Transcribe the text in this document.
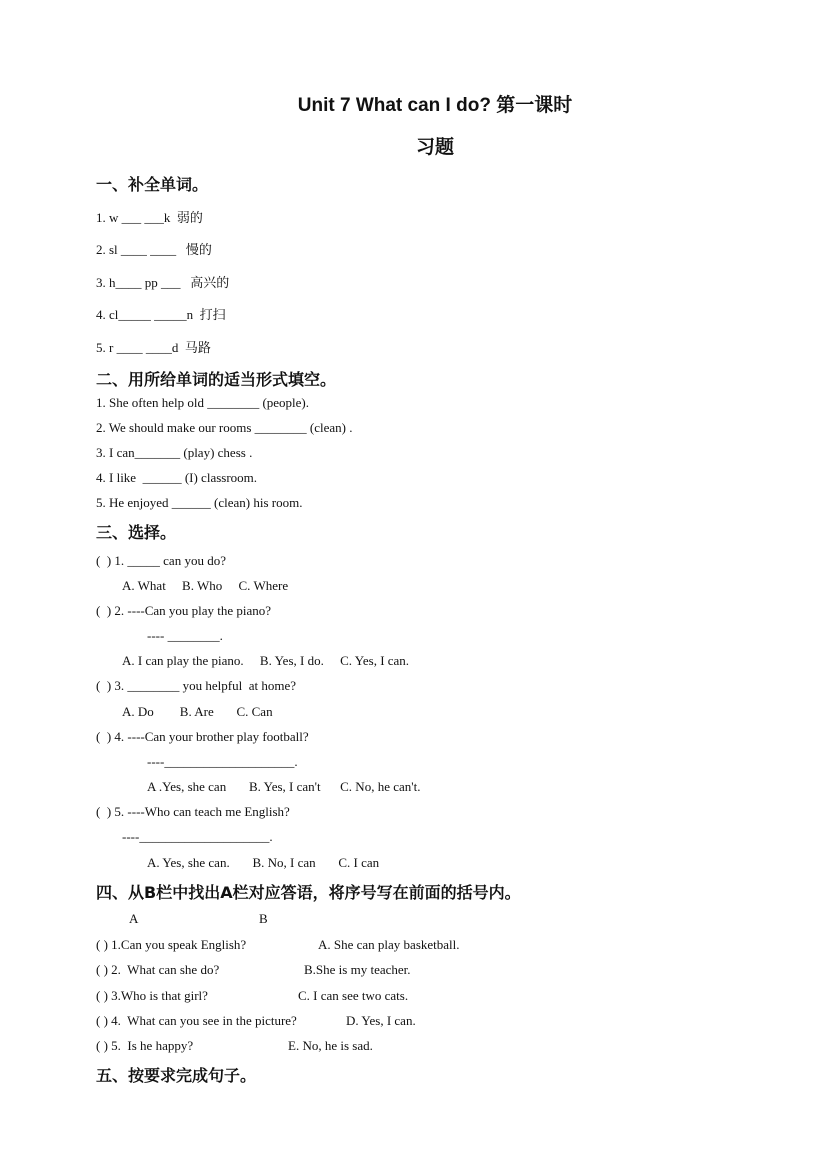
Unit 7 What can I do? 第一课时
习题
一、补全单词。
1. w ___ ___k  弱的
2. sl ____ ____   慢的
3. h____ pp ___   高兴的
4. cl_____ _____n  打扫
5. r ____ ____d  马路
二、用所给单词的适当形式填空。
1. She often help old ________ (people).
2. We should make our rooms ________ (clean) .
3. I can_______ (play) chess .
4. I like  ______ (I) classroom.
5. He enjoyed ______ (clean) his room.
三、选择。
(  ) 1. _____ can you do?
A. What     B. Who     C. Where
(  ) 2. ----Can you play the piano?
---- ________.
A. I can play the piano.     B. Yes, I do.     C. Yes, I can.
(  ) 3. ________ you helpful  at home?
A. Do        B. Are       C. Can
(  ) 4. ----Can your brother play football?
----____________________.
A .Yes, she can       B. Yes, I can't      C. No, he can't.
(  ) 5. ----Who can teach me English?
----____________________.
A. Yes, she can.       B. No, I can       C. I can
四、从B栏中找出A栏对应答语，将序号写在前面的括号内。
A	B
( ) 1.Can you speak English?	A. She can play basketball.
( ) 2.  What can she do?	B.She is my teacher.
( ) 3.Who is that girl?	C. I can see two cats.
( ) 4.  What can you see in the picture?	D. Yes, I can.
( ) 5.  Is he happy?	E. No, he is sad.
五、按要求完成句子。
